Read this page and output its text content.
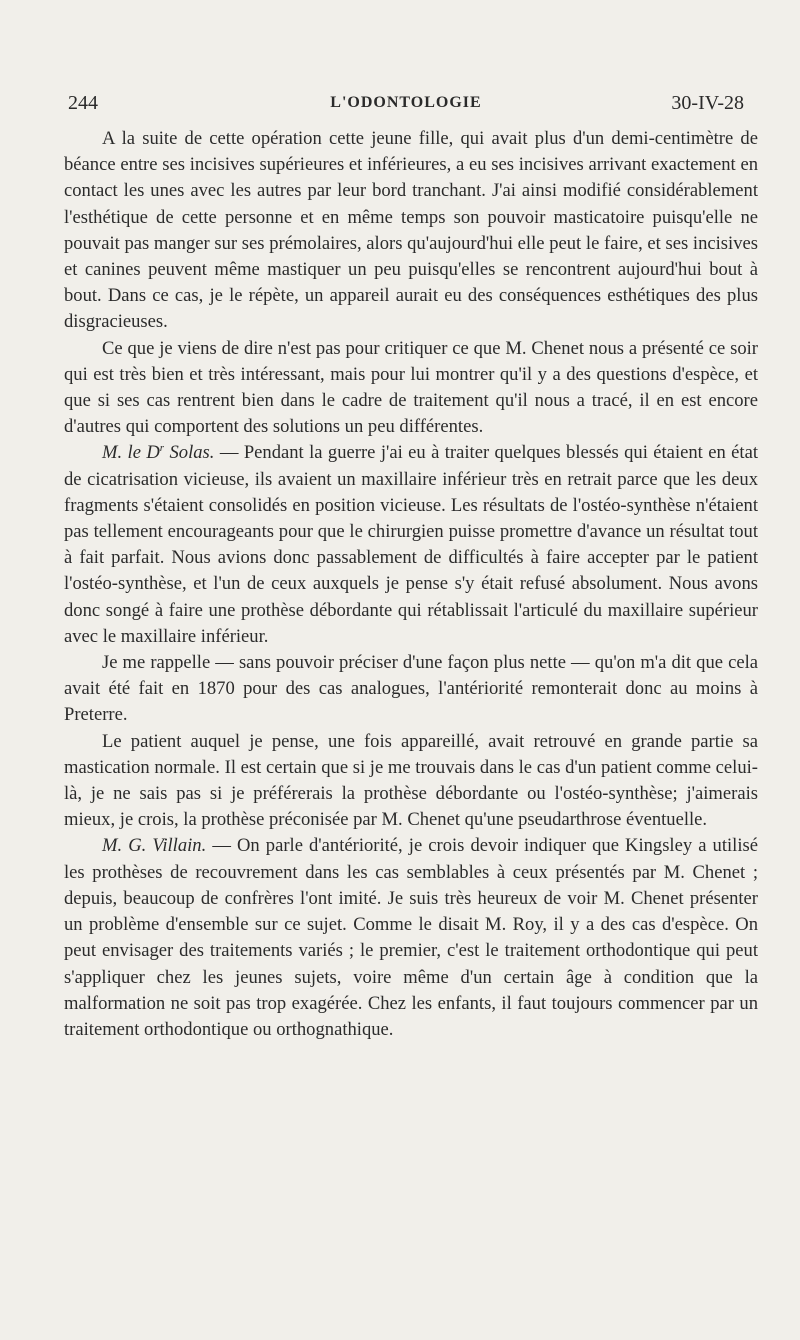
244	L'ODONTOLOGIE	30-IV-28

A la suite de cette opération cette jeune fille, qui avait plus d'un demi-centimètre de béance entre ses incisives supérieures et inférieures, a eu ses incisives arrivant exactement en contact les unes avec les autres par leur bord tranchant. J'ai ainsi modifié considérablement l'esthétique de cette personne et en même temps son pouvoir masticatoire puisqu'elle ne pouvait pas manger sur ses prémolaires, alors qu'aujourd'hui elle peut le faire, et ses incisives et canines peuvent même mastiquer un peu puisqu'elles se rencontrent aujourd'hui bout à bout. Dans ce cas, je le répète, un appareil aurait eu des conséquences esthétiques des plus disgracieuses.

Ce que je viens de dire n'est pas pour critiquer ce que M. Chenet nous a présenté ce soir qui est très bien et très intéressant, mais pour lui montrer qu'il y a des questions d'espèce, et que si ses cas rentrent bien dans le cadre de traitement qu'il nous a tracé, il en est encore d'autres qui comportent des solutions un peu différentes.

M. le $D^r$ Solas. — Pendant la guerre j'ai eu à traiter quelques blessés qui étaient en état de cicatrisation vicieuse, ils avaient un maxillaire inférieur très en retrait parce que les deux fragments s'étaient consolidés en position vicieuse. Les résultats de l'ostéo-synthèse n'étaient pas tellement encourageants pour que le chirurgien puisse promettre d'avance un résultat tout à fait parfait. Nous avions donc passablement de difficultés à faire accepter par le patient l'ostéo-synthèse, et l'un de ceux auxquels je pense s'y était refusé absolument. Nous avons donc songé à faire une prothèse débordante qui rétablissait l'articulé du maxillaire supérieur avec le maxillaire inférieur.

Je me rappelle — sans pouvoir préciser d'une façon plus nette — qu'on m'a dit que cela avait été fait en 1870 pour des cas analogues, l'antériorité remonterait donc au moins à Preterre.

Le patient auquel je pense, une fois appareillé, avait retrouvé en grande partie sa mastication normale. Il est certain que si je me trouvais dans le cas d'un patient comme celui-là, je ne sais pas si je préférerais la prothèse débordante ou l'ostéo-synthèse; j'aimerais mieux, je crois, la prothèse préconisée par M. Chenet qu'une pseudarthrose éventuelle.

M. G. Villain. — On parle d'antériorité, je crois devoir indiquer que Kingsley a utilisé les prothèses de recouvrement dans les cas semblables à ceux présentés par M. Chenet ; depuis, beaucoup de confrères l'ont imité. Je suis très heureux de voir M. Chenet présenter un problème d'ensemble sur ce sujet. Comme le disait M. Roy, il y a des cas d'espèce. On peut envisager des traitements variés ; le premier, c'est le traitement orthodontique qui peut s'appliquer chez les jeunes sujets, voire même d'un certain âge à condition que la malformation ne soit pas trop exagérée. Chez les enfants, il faut toujours commencer par un traitement orthodontique ou orthognathique.
